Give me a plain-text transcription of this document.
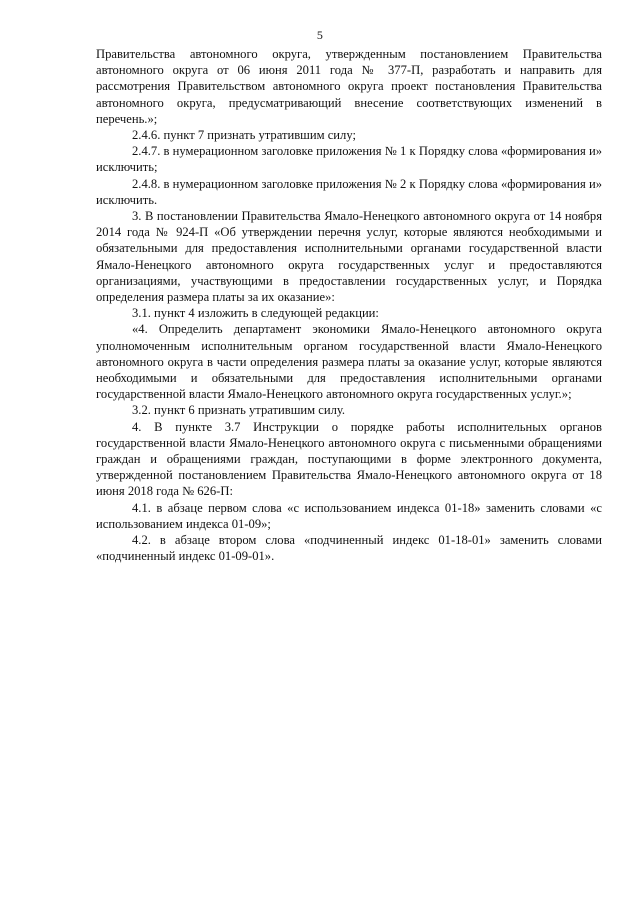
5

Правительства автономного округа, утвержденным постановлением Правительства автономного округа от 06 июня 2011 года № 377-П, разработать и направить для рассмотрения Правительством автономного округа проект постановления Правительства автономного округа, предусматривающий внесение соответствующих изменений в перечень.»;

2.4.6. пункт 7 признать утратившим силу;

2.4.7. в нумерационном заголовке приложения № 1 к Порядку слова «формирования и» исключить;

2.4.8. в нумерационном заголовке приложения № 2 к Порядку слова «формирования и» исключить.

3. В постановлении Правительства Ямало-Ненецкого автономного округа от 14 ноября 2014 года № 924-П «Об утверждении перечня услуг, которые являются необходимыми и обязательными для предоставления исполнительными органами государственной власти Ямало-Ненецкого автономного округа государственных услуг и предоставляются организациями, участвующими в предоставлении государственных услуг, и Порядка определения размера платы за их оказание»:

3.1. пункт 4 изложить в следующей редакции:

«4. Определить департамент экономики Ямало-Ненецкого автономного округа уполномоченным исполнительным органом государственной власти Ямало-Ненецкого автономного округа в части определения размера платы за оказание услуг, которые являются необходимыми и обязательными для предоставления исполнительными органами государственной власти Ямало-Ненецкого автономного округа государственных услуг.»;

3.2. пункт 6 признать утратившим силу.

4. В пункте 3.7 Инструкции о порядке работы исполнительных органов государственной власти Ямало-Ненецкого автономного округа с письменными обращениями граждан и обращениями граждан, поступающими в форме электронного документа, утвержденной постановлением Правительства Ямало-Ненецкого автономного округа от 18 июня 2018 года № 626-П:

4.1. в абзаце первом слова «с использованием индекса 01-18» заменить словами «с использованием индекса 01-09»;

4.2. в абзаце втором слова «подчиненный индекс 01-18-01» заменить словами «подчиненный индекс 01-09-01».
